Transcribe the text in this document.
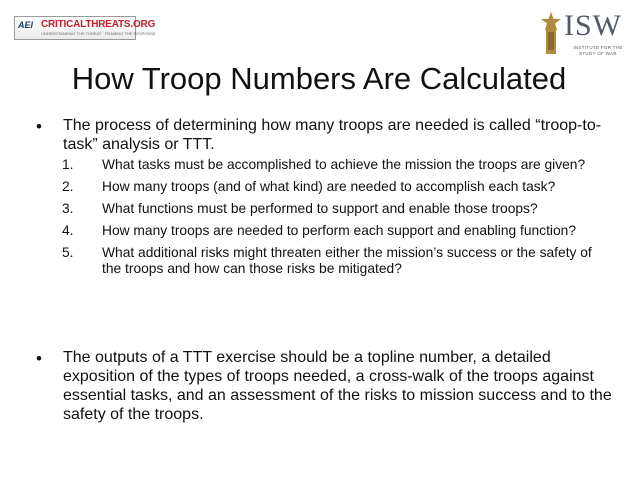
AEI CRITICALTHREATS.ORG
UNDERSTANDING THE THREAT · FRAMING THE RESPONSE	ISW
INSTITUTE FOR THE STUDY OF WAR
How Troop Numbers Are Calculated
• The process of determining how many troops are needed is called “troop-to-task” analysis or TTT.
1. What tasks must be accomplished to achieve the mission the troops are given?
2. How many troops (and of what kind) are needed to accomplish each task?
3. What functions must be performed to support and enable those troops?
4. How many troops are needed to perform each support and enabling function?
5. What additional risks might threaten either the mission’s success or the safety of the troops and how can those risks be mitigated?
• The outputs of a TTT exercise should be a topline number, a detailed exposition of the types of troops needed, a cross-walk of the troops against essential tasks, and an assessment of the risks to mission success and to the safety of the troops.
